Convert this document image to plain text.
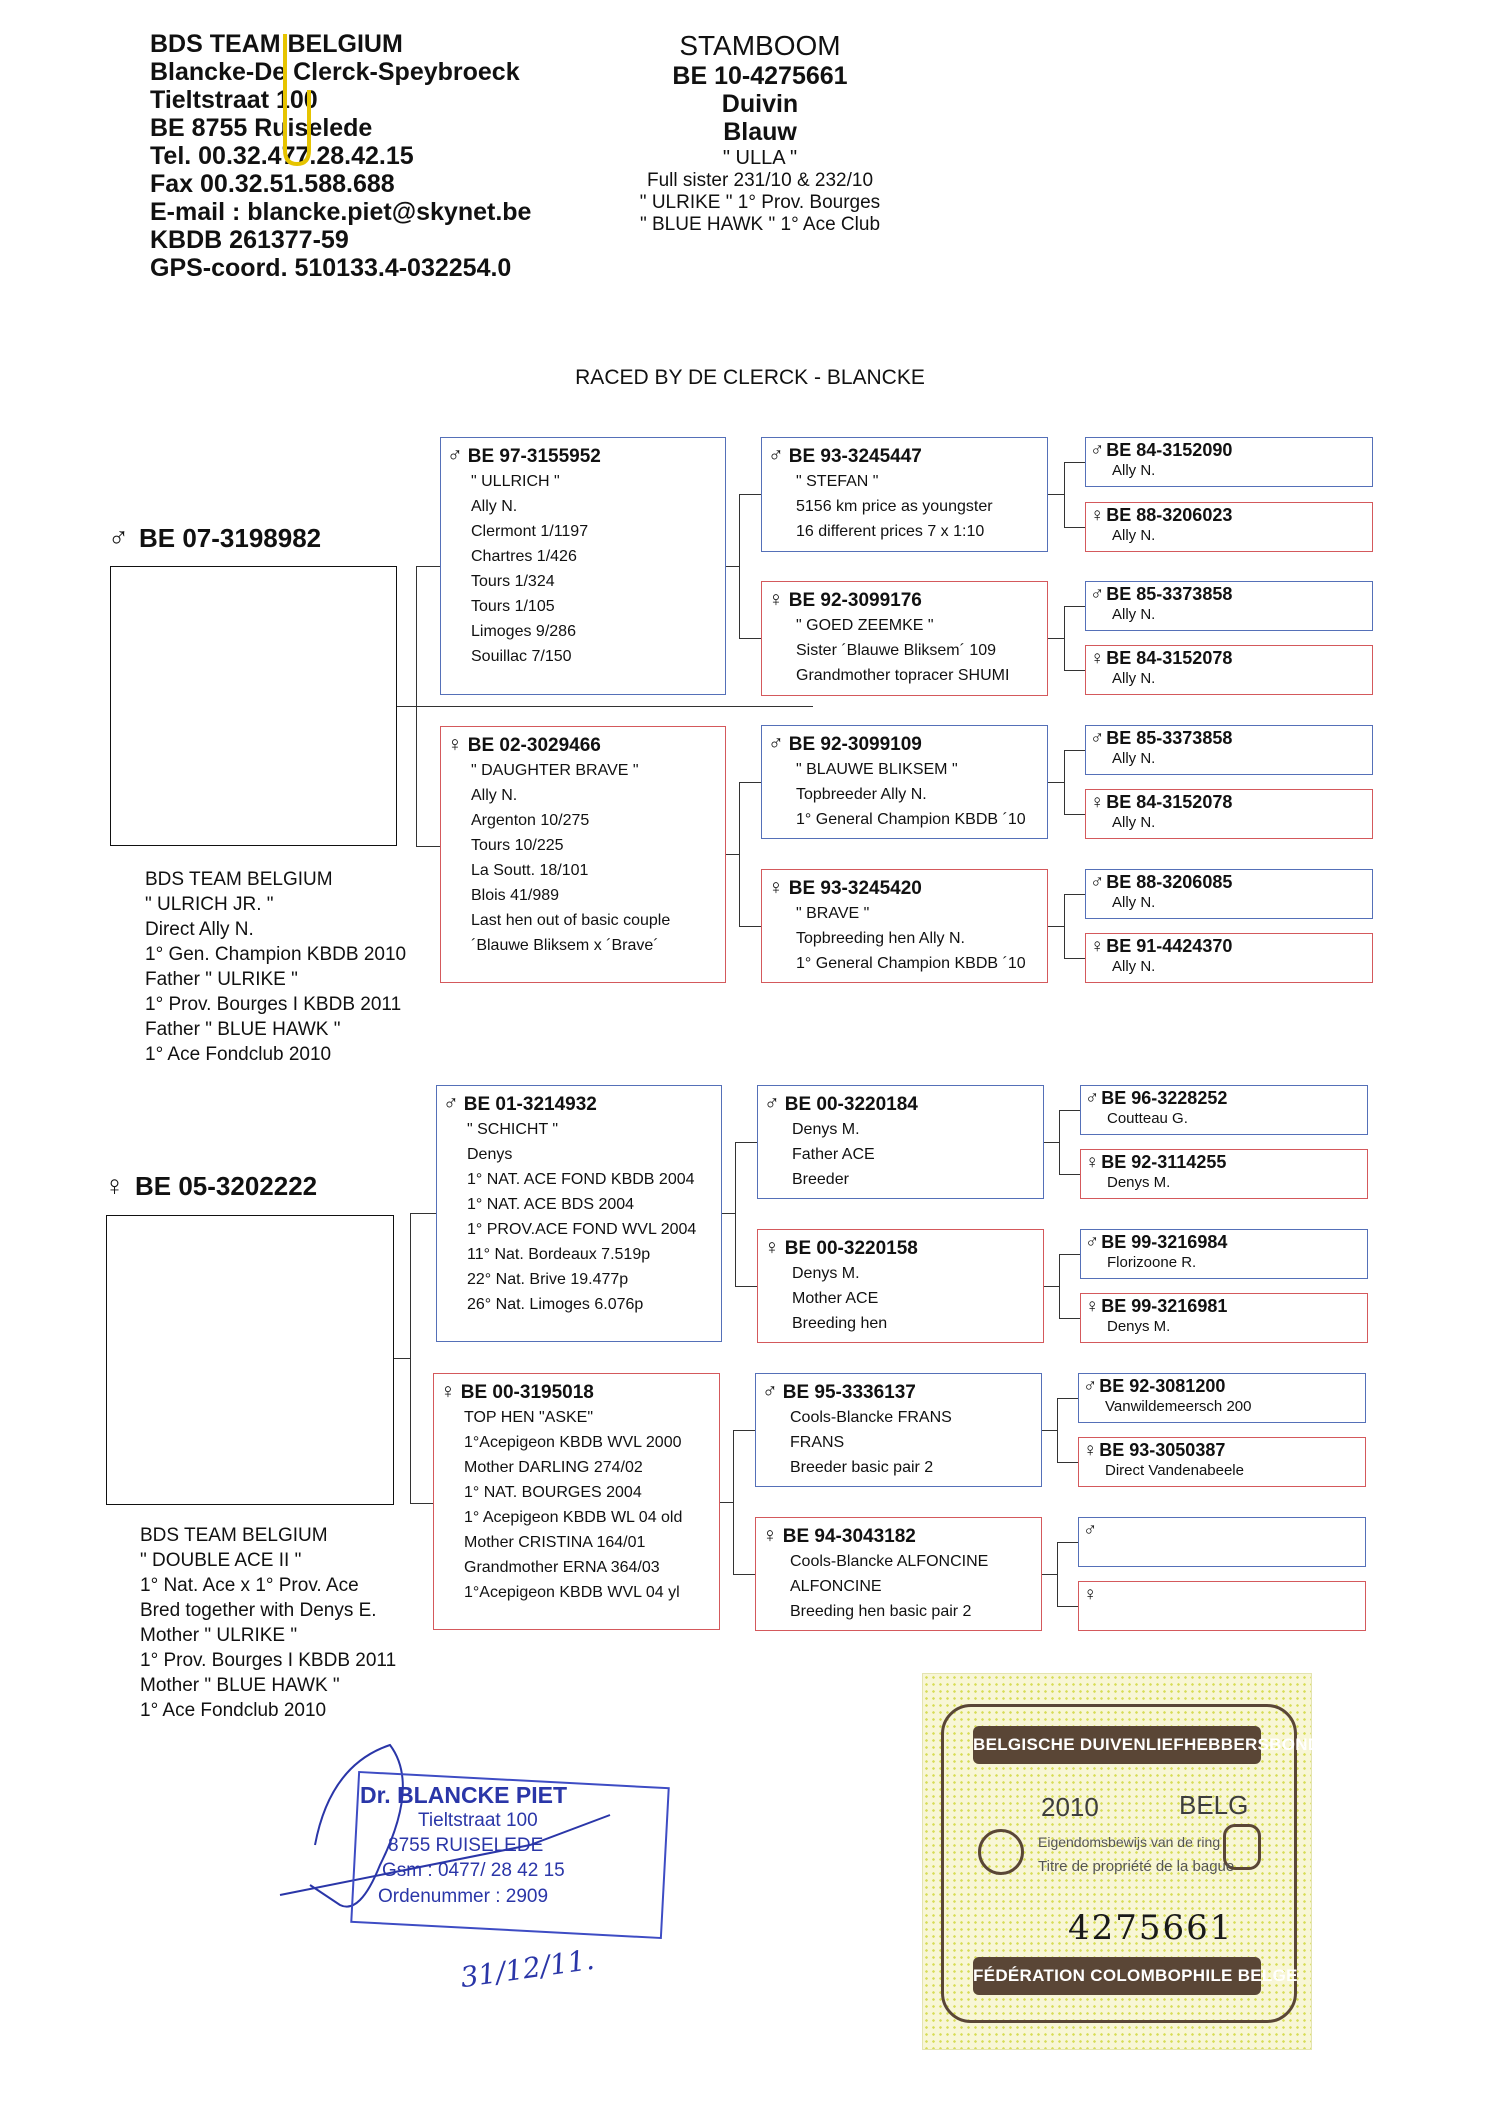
BDS TEAM BELGIUM
Blancke-De Clerck-Speybroeck
Tieltstraat 100
BE 8755 Ruiselede
Tel. 00.32.477.28.42.15
Fax 00.32.51.588.688
E-mail : blancke.piet@skynet.be
KBDB 261377-59
GPS-coord. 510133.4-032254.0
STAMBOOM
BE 10-4275661
Duivin
Blauw
" ULLA "
Full sister 231/10 & 232/10
" ULRIKE " 1° Prov. Bourges
" BLUE HAWK " 1° Ace Club
RACED BY DE CLERCK - BLANCKE
♂ BE 07-3198982
BDS TEAM BELGIUM
" ULRICH JR. "
Direct Ally N.
1° Gen. Champion KBDB 2010
Father " ULRIKE "
1° Prov. Bourges I KBDB 2011
Father " BLUE HAWK "
1° Ace Fondclub 2010
♀ BE 05-3202222
BDS TEAM BELGIUM
" DOUBLE ACE II "
1° Nat. Ace x 1° Prov. Ace
Bred together with Denys E.
Mother " ULRIKE "
1° Prov. Bourges I KBDB 2011
Mother " BLUE HAWK "
1° Ace Fondclub 2010
♂ BE 97-3155952
" ULLRICH "
Ally N.
Clermont 1/1197
Chartres 1/426
Tours 1/324
Tours 1/105
Limoges 9/286
Souillac 7/150
♀ BE 02-3029466
" DAUGHTER BRAVE "
Ally N.
Argenton 10/275
Tours 10/225
La Soutt. 18/101
Blois 41/989
Last hen out of basic couple
´Blauwe Bliksem x ´Brave´
♂ BE 01-3214932
" SCHICHT "
Denys
1° NAT. ACE FOND KBDB 2004
1° NAT. ACE BDS 2004
1° PROV.ACE FOND WVL 2004
11° Nat. Bordeaux 7.519p
22° Nat. Brive 19.477p
26° Nat. Limoges 6.076p
♀ BE 00-3195018
TOP HEN "ASKE"
1°Acepigeon KBDB WVL 2000
Mother DARLING 274/02
1° NAT. BOURGES 2004
1° Acepigeon KBDB WL 04 old
Mother CRISTINA 164/01
Grandmother ERNA 364/03
1°Acepigeon KBDB WVL 04 yl
♂ BE 93-3245447
" STEFAN "
5156 km price as youngster
16 different prices 7 x 1:10
♀ BE 92-3099176
" GOED ZEEMKE "
Sister ´Blauwe Bliksem´ 109
Grandmother topracer SHUMI
♂ BE 92-3099109
" BLAUWE BLIKSEM "
Topbreeder Ally N.
1° General Champion KBDB ´10
♀ BE 93-3245420
" BRAVE "
Topbreeding hen Ally N.
1° General Champion KBDB ´10
♂ BE 00-3220184
Denys M.
Father ACE
Breeder
♀ BE 00-3220158
Denys M.
Mother ACE
Breeding hen
♂ BE 95-3336137
Cools-Blancke FRANS
FRANS
Breeder basic pair 2
♀ BE 94-3043182
Cools-Blancke ALFONCINE
ALFONCINE
Breeding hen basic pair 2
♂ BE 84-3152090
Ally N.
♀ BE 88-3206023
Ally N.
♂ BE 85-3373858
Ally N.
♀ BE 84-3152078
Ally N.
♂ BE 85-3373858
Ally N.
♀ BE 84-3152078
Ally N.
♂ BE 88-3206085
Ally N.
♀ BE 91-4424370
Ally N.
♂ BE 96-3228252
Coutteau G.
♀ BE 92-3114255
Denys M.
♂ BE 99-3216984
Florizoone R.
♀ BE 99-3216981
Denys M.
♂ BE 92-3081200
Vanwildemeersch 200
♀ BE 93-3050387
Direct Vandenabeele
♂
♀
Dr. BLANCKE PIET
Tieltstraat 100
8755 RUISELEDE
Gsm : 0477/ 28 42 15
Ordenummer : 2909
31/12/11.
BELGISCHE DUIVENLIEFHEBBERSBOND
2010	BELG
Eigendomsbewijs van de ring
Titre de propriété de la bague
4275661
FÉDÉRATION COLOMBOPHILE BELGE
